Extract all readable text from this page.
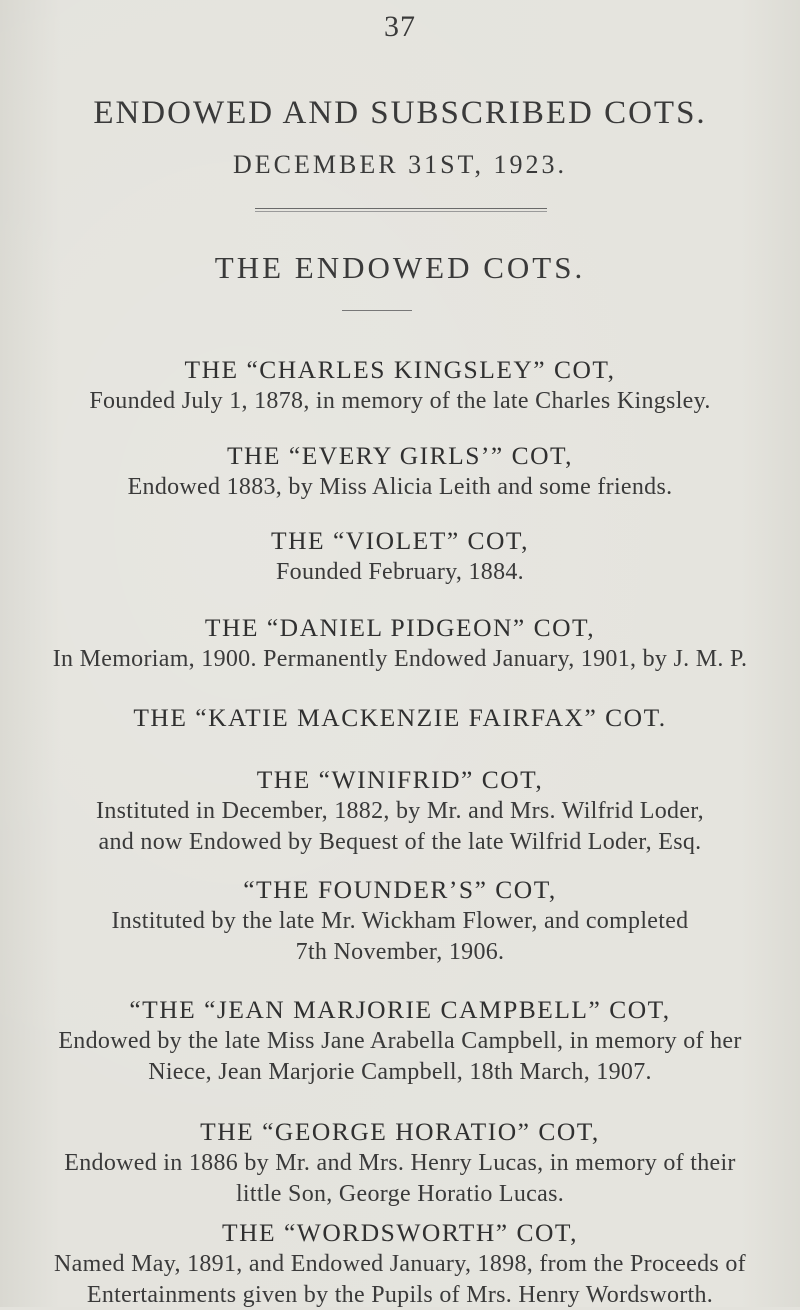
37
ENDOWED AND SUBSCRIBED COTS.
DECEMBER 31ST, 1923.
THE ENDOWED COTS.
THE “CHARLES KINGSLEY” COT,
Founded July 1, 1878, in memory of the late Charles Kingsley.
THE “EVERY GIRLS’” COT,
Endowed 1883, by Miss Alicia Leith and some friends.
THE “VIOLET” COT,
Founded February, 1884.
THE “DANIEL PIDGEON” COT,
In Memoriam, 1900. Permanently Endowed January, 1901, by J. M. P.
THE “KATIE MACKENZIE FAIRFAX” COT.
THE “WINIFRID” COT,
Instituted in December, 1882, by Mr. and Mrs. Wilfrid Loder,
and now Endowed by Bequest of the late Wilfrid Loder, Esq.
“THE FOUNDER’S” COT,
Instituted by the late Mr. Wickham Flower, and completed
7th November, 1906.
“THE “JEAN MARJORIE CAMPBELL” COT,
Endowed by the late Miss Jane Arabella Campbell, in memory of her
Niece, Jean Marjorie Campbell, 18th March, 1907.
THE “GEORGE HORATIO” COT,
Endowed in 1886 by Mr. and Mrs. Henry Lucas, in memory of their
little Son, George Horatio Lucas.
THE “WORDSWORTH” COT,
Named May, 1891, and Endowed January, 1898, from the Proceeds of
Entertainments given by the Pupils of Mrs. Henry Wordsworth.
